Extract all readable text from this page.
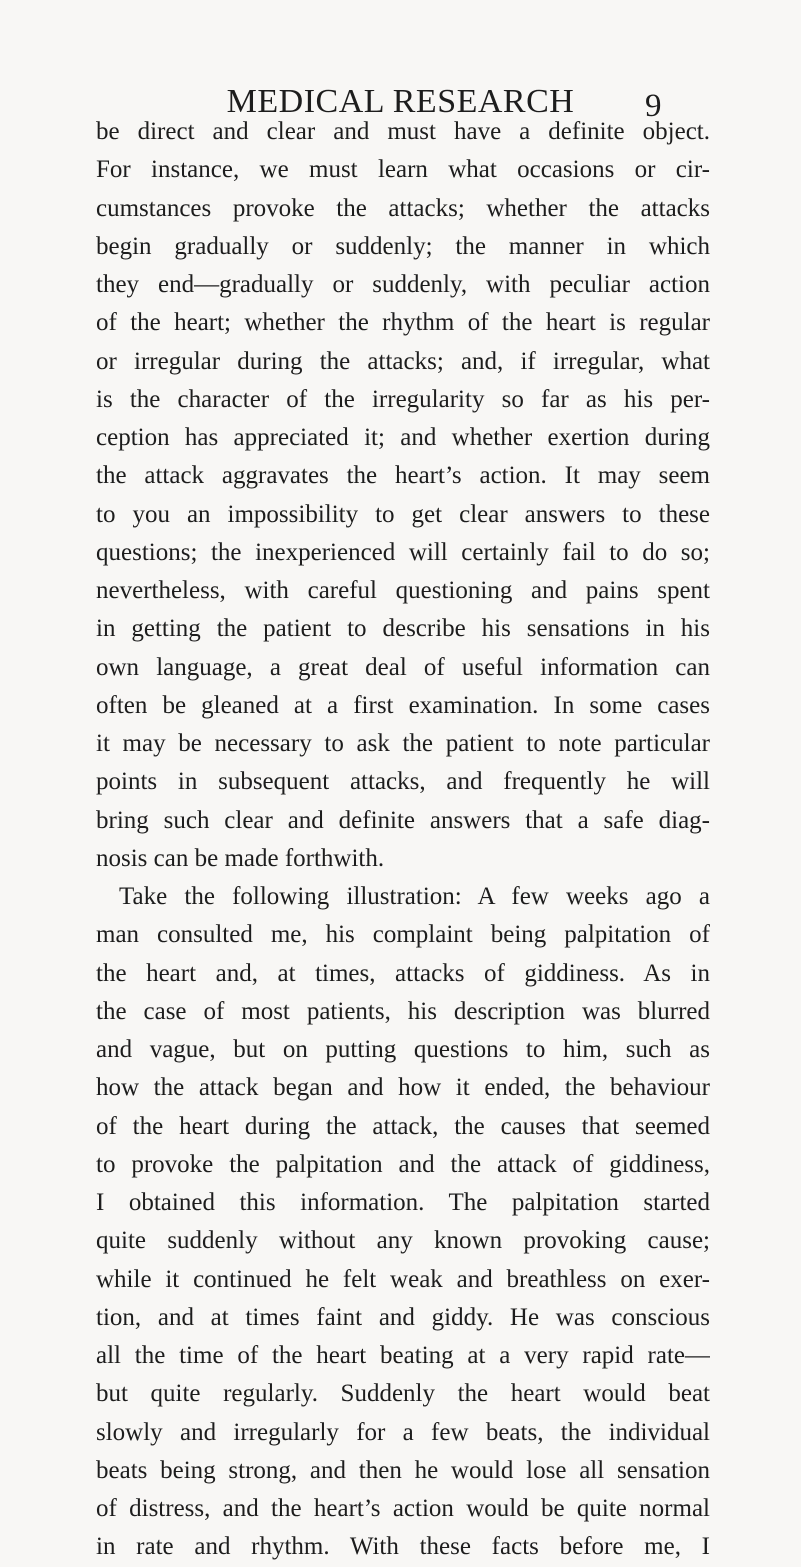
MEDICAL RESEARCH	9
be direct and clear and must have a definite object.
For instance, we must learn what occasions or cir-
cumstances provoke the attacks; whether the attacks
begin gradually or suddenly; the manner in which
they end—gradually or suddenly, with peculiar action
of the heart; whether the rhythm of the heart is regular
or irregular during the attacks; and, if irregular, what
is the character of the irregularity so far as his per-
ception has appreciated it; and whether exertion during
the attack aggravates the heart’s action. It may seem
to you an impossibility to get clear answers to these
questions; the inexperienced will certainly fail to do so;
nevertheless, with careful questioning and pains spent
in getting the patient to describe his sensations in his
own language, a great deal of useful information can
often be gleaned at a first examination. In some cases
it may be necessary to ask the patient to note particular
points in subsequent attacks, and frequently he will
bring such clear and definite answers that a safe diag-
nosis can be made forthwith.
Take the following illustration: A few weeks ago a
man consulted me, his complaint being palpitation of
the heart and, at times, attacks of giddiness. As in
the case of most patients, his description was blurred
and vague, but on putting questions to him, such as
how the attack began and how it ended, the behaviour
of the heart during the attack, the causes that seemed
to provoke the palpitation and the attack of giddiness,
I obtained this information. The palpitation started
quite suddenly without any known provoking cause;
while it continued he felt weak and breathless on exer-
tion, and at times faint and giddy. He was conscious
all the time of the heart beating at a very rapid rate—
but quite regularly. Suddenly the heart would beat
slowly and irregularly for a few beats, the individual
beats being strong, and then he would lose all sensation
of distress, and the heart’s action would be quite normal
in rate and rhythm. With these facts before me, I
